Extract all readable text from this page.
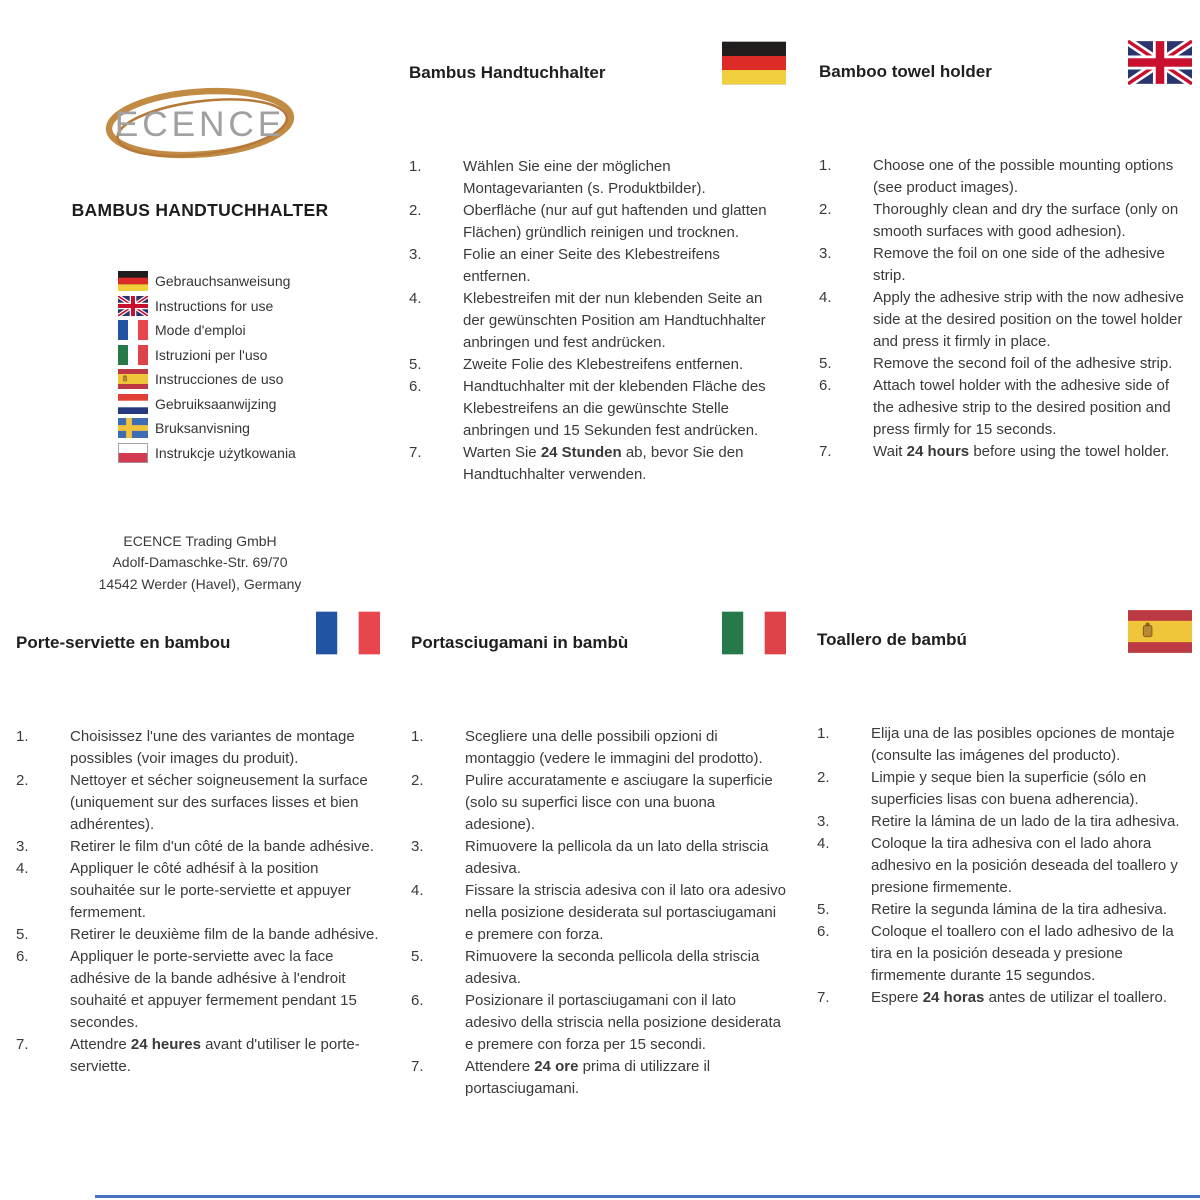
ECENCE
BAMBUS HANDTUCHHALTER
Gebrauchsanweisung
Instructions for use
Mode d'emploi
Istruzioni per l'uso
Instrucciones de uso
Gebruiksaanwijzing
Bruksanvisning
Instrukcje użytkowania
ECENCE Trading GmbH
Adolf-Damaschke-Str. 69/70
14542 Werder (Havel), Germany
Bambus Handtuchhalter
1.	Wählen Sie eine der möglichen Montagevarianten (s. Produktbilder).
2.	Oberfläche (nur auf gut haftenden und glatten Flächen) gründlich reinigen und trocknen.
3.	Folie an einer Seite des Klebestreifens entfernen.
4.	Klebestreifen mit der nun klebenden Seite an der gewünschten Position am Handtuchhalter anbringen und fest andrücken.
5.	Zweite Folie des Klebestreifens entfernen.
6.	Handtuchhalter mit der klebenden Fläche des Klebestreifens an die gewünschte Stelle anbringen und 15 Sekunden fest andrücken.
7.	Warten Sie 24 Stunden ab, bevor Sie den Handtuchhalter verwenden.
Bamboo towel holder
1.	Choose one of the possible mounting options (see product images).
2.	Thoroughly clean and dry the surface (only on smooth surfaces with good adhesion).
3.	Remove the foil on one side of the adhesive strip.
4.	Apply the adhesive strip with the now adhesive side at the desired position on the towel holder and press it firmly in place.
5.	Remove the second foil of the adhesive strip.
6.	Attach towel holder with the adhesive side of the adhesive strip to the desired position and press firmly for 15 seconds.
7.	Wait 24 hours before using the towel holder.
Porte-serviette en bambou
1.	Choisissez l'une des variantes de montage possibles (voir images du produit).
2.	Nettoyer et sécher soigneusement la surface (uniquement sur des surfaces lisses et bien adhérentes).
3.	Retirer le film d'un côté de la bande adhésive.
4.	Appliquer le côté adhésif à la position souhaitée sur le porte-serviette et appuyer fermement.
5.	Retirer le deuxième film de la bande adhésive.
6.	Appliquer le porte-serviette avec la face adhésive de la bande adhésive à l'endroit souhaité et appuyer fermement pendant 15 secondes.
7.	Attendre 24 heures avant d'utiliser le porte-serviette.
Portasciugamani in bambù
1.	Scegliere una delle possibili opzioni di montaggio (vedere le immagini del prodotto).
2.	Pulire accuratamente e asciugare la superficie (solo su superfici lisce con una buona adesione).
3.	Rimuovere la pellicola da un lato della striscia adesiva.
4.	Fissare la striscia adesiva con il lato ora adesivo nella posizione desiderata sul portasciugamani e premere con forza.
5.	Rimuovere la seconda pellicola della striscia adesiva.
6.	Posizionare il portasciugamani con il lato adesivo della striscia nella posizione desiderata e premere con forza per 15 secondi.
7.	Attendere 24 ore prima di utilizzare il portasciugamani.
Toallero de bambú
1.	Elija una de las posibles opciones de montaje (consulte las imágenes del producto).
2.	Limpie y seque bien la superficie (sólo en superficies lisas con buena adherencia).
3.	Retire la lámina de un lado de la tira adhesiva.
4.	Coloque la tira adhesiva con el lado ahora adhesivo en la posición deseada del toallero y presione firmemente.
5.	Retire la segunda lámina de la tira adhesiva.
6.	Coloque el toallero con el lado adhesivo de la tira en la posición deseada y presione firmemente durante 15 segundos.
7.	Espere 24 horas antes de utilizar el toallero.
